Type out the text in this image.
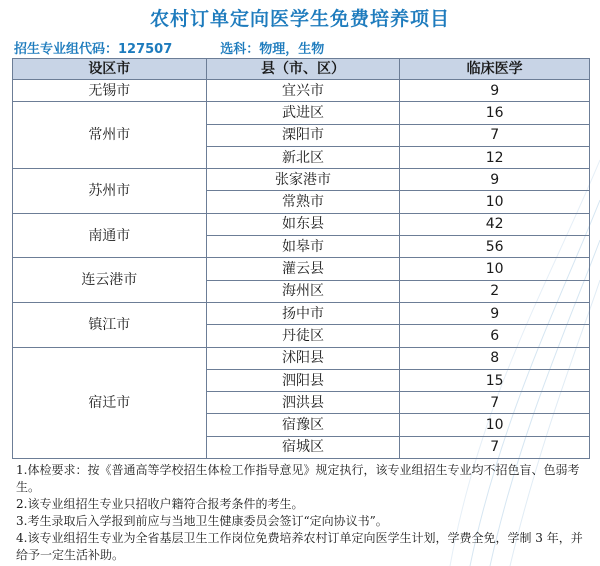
农村订单定向医学生免费培养项目
招生专业组代码：127507	选科：物理，生物
设区市	县（市、区）	临床医学
无锡市	宜兴市	9
常州市	武进区	16
	溧阳市	7
	新北区	12
苏州市	张家港市	9
	常熟市	10
南通市	如东县	42
	如皋市	56
连云港市	灌云县	10
	海州区	2
镇江市	扬中市	9
	丹徒区	6
宿迁市	沭阳县	8
	泗阳县	15
	泗洪县	7
	宿豫区	10
	宿城区	7

1.体检要求：按《普通高等学校招生体检工作指导意见》规定执行，该专业组招生专业均不招色盲、色弱考生。

2.该专业组招生专业只招收户籍符合报考条件的考生。

3.考生录取后入学报到前应与当地卫生健康委员会签订“定向协议书”。

4.该专业组招生专业为全省基层卫生工作岗位免费培养农村订单定向医学生计划，学费全免，学制 3 年，并给予一定生活补助。
